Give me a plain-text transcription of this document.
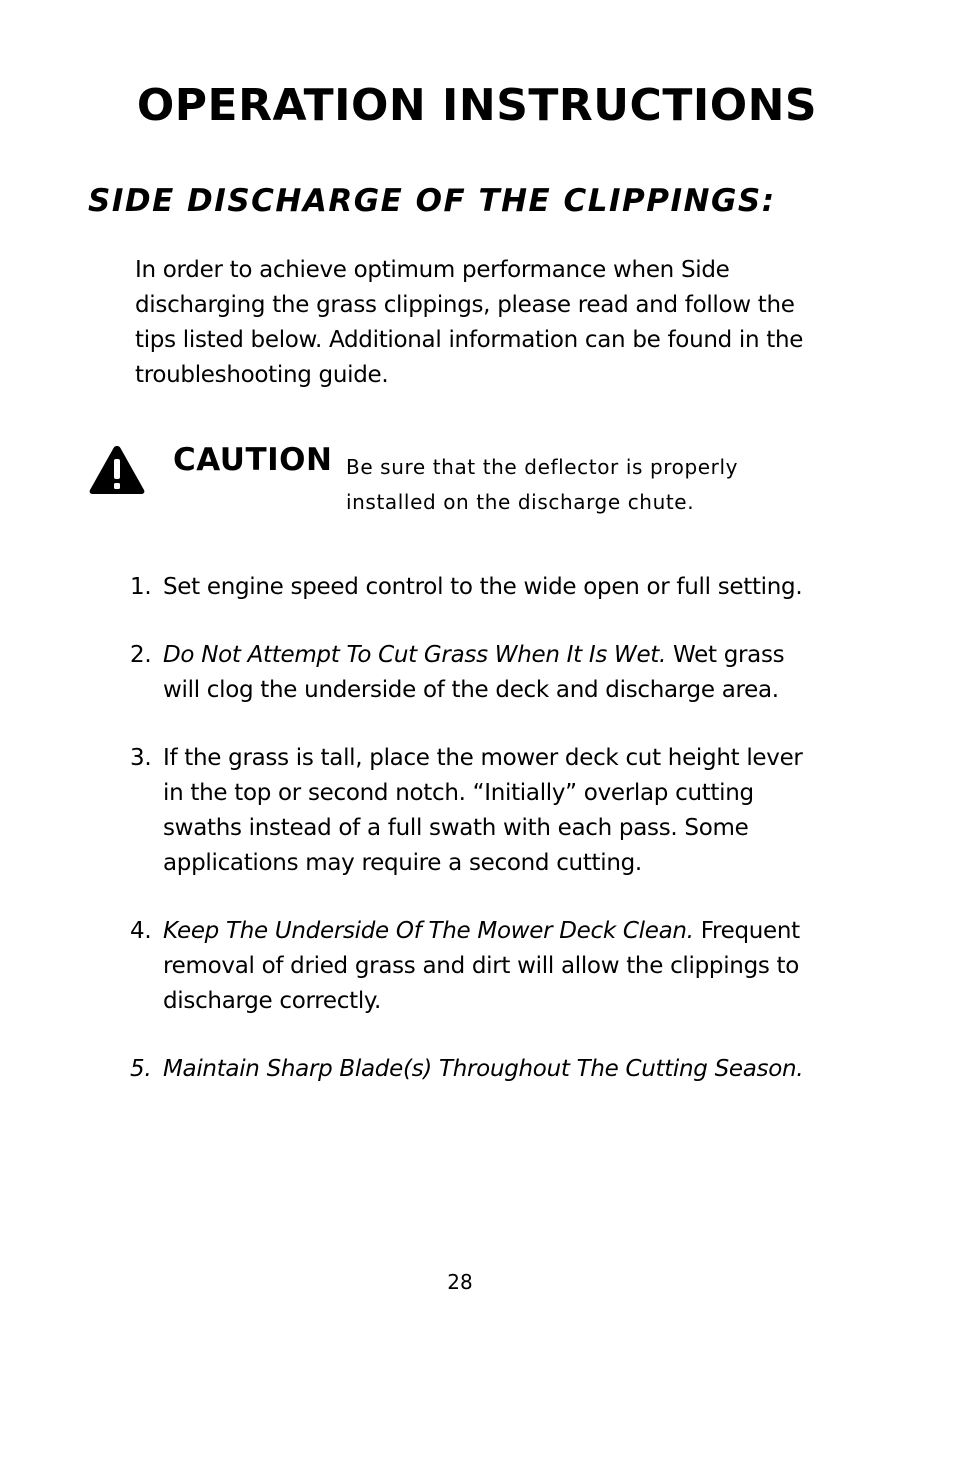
OPERATION INSTRUCTIONS
SIDE DISCHARGE OF THE CLIPPINGS:

In order to achieve optimum performance when Side discharging the grass clippings, please read and follow the tips listed below. Additional information can be found in the troubleshooting guide.

CAUTION Be sure that the deflector is properly installed on the discharge chute.

1. Set engine speed control to the wide open or full setting.
2. Do Not Attempt To Cut Grass When It Is Wet. Wet grass will clog the underside of the deck and discharge area.
3. If the grass is tall, place the mower deck cut height lever in the top or second notch. “Initially” overlap cutting swaths instead of a full swath with each pass. Some applications may require a second cutting.
4. Keep The Underside Of The Mower Deck Clean. Frequent removal of dried grass and dirt will allow the clippings to discharge correctly.
5. Maintain Sharp Blade(s) Throughout The Cutting Season.

28
